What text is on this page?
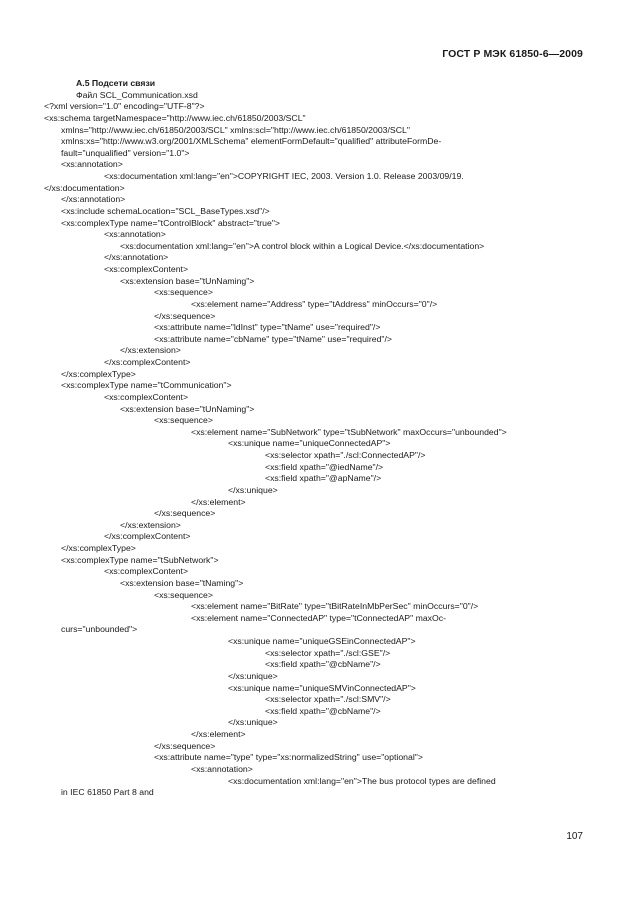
ГОСТ Р МЭК 61850-6—2009
А.5 Подсети связи
Файл SCL_Communication.xsd
<?xml version="1.0" encoding="UTF-8"?>
<xs:schema targetNamespace="http://www.iec.ch/61850/2003/SCL"
xmlns="http://www.iec.ch/61850/2003/SCL" xmlns:scl="http://www.iec.ch/61850/2003/SCL"
xmlns:xs="http://www.w3.org/2001/XMLSchema" elementFormDefault="qualified" attributeFormDe-
fault="unqualified" version="1.0">
<xs:annotation>
<xs:documentation xml:lang="en">COPYRIGHT IEC, 2003. Version 1.0. Release 2003/09/19.
</xs:documentation>
</xs:annotation>
<xs:include schemaLocation="SCL_BaseTypes.xsd"/>
<xs:complexType name="tControlBlock" abstract="true">
<xs:annotation>
<xs:documentation xml:lang="en">A control block within a Logical Device.</xs:documentation>
</xs:annotation>
<xs:complexContent>
<xs:extension base="tUnNaming">
<xs:sequence>
<xs:element name="Address" type="tAddress" minOccurs="0"/>
</xs:sequence>
<xs:attribute name="ldInst" type="tName" use="required"/>
<xs:attribute name="cbName" type="tName" use="required"/>
</xs:extension>
</xs:complexContent>
</xs:complexType>
<xs:complexType name="tCommunication">
<xs:complexContent>
<xs:extension base="tUnNaming">
<xs:sequence>
<xs:element name="SubNetwork" type="tSubNetwork" maxOccurs="unbounded">
<xs:unique name="uniqueConnectedAP">
<xs:selector xpath="./scl:ConnectedAP"/>
<xs:field xpath="@iedName"/>
<xs:field xpath="@apName"/>
</xs:unique>
</xs:element>
</xs:sequence>
</xs:extension>
</xs:complexContent>
</xs:complexType>
<xs:complexType name="tSubNetwork">
<xs:complexContent>
<xs:extension base="tNaming">
<xs:sequence>
<xs:element name="BitRate" type="tBitRateInMbPerSec" minOccurs="0"/>
<xs:element name="ConnectedAP" type="tConnectedAP" maxOc-
curs="unbounded">
<xs:unique name="uniqueGSEinConnectedAP">
<xs:selector xpath="./scl:GSE"/>
<xs:field xpath="@cbName"/>
</xs:unique>
<xs:unique name="uniqueSMVinConnectedAP">
<xs:selector xpath="./scl:SMV"/>
<xs:field xpath="@cbName"/>
</xs:unique>
</xs:element>
</xs:sequence>
<xs:attribute name="type" type="xs:normalizedString" use="optional">
<xs:annotation>
<xs:documentation xml:lang="en">The bus protocol types are defined
in IEC 61850 Part 8 and
107
